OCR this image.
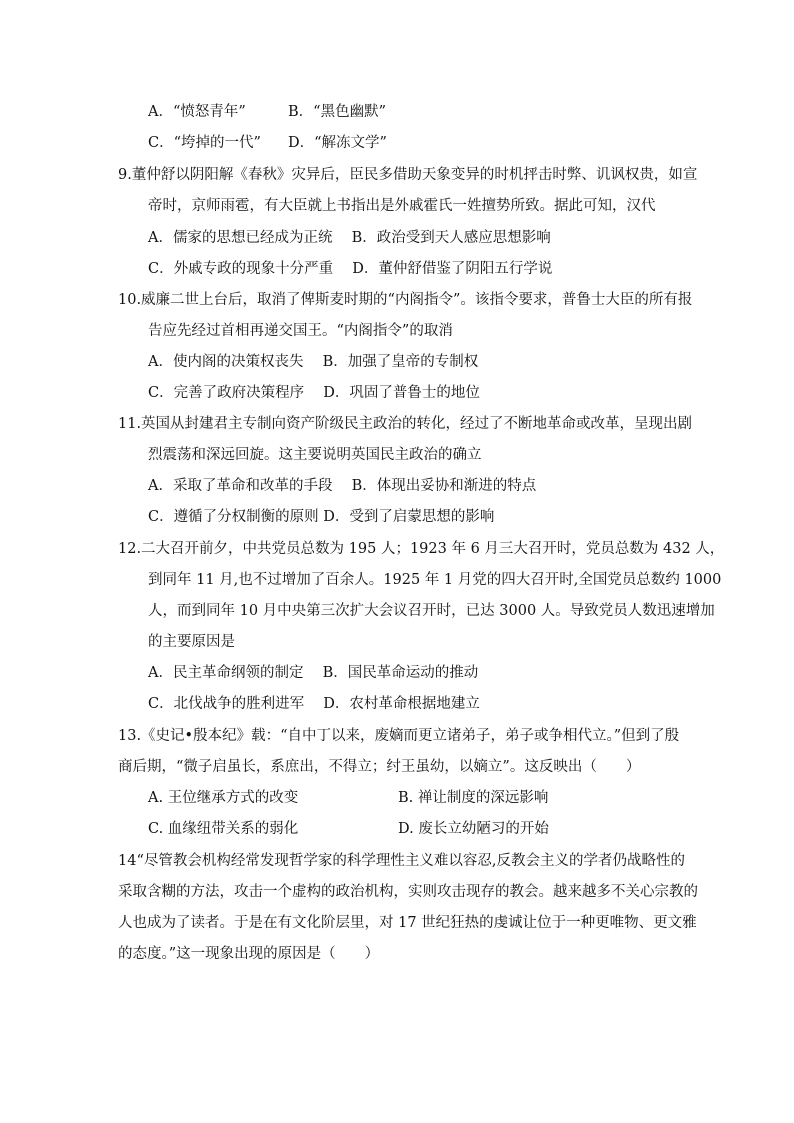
A．“愤怒青年”	B．“黑色幽默”
C．“垮掉的一代” D．“解冻文学”
9.董仲舒以阴阳解《春秋》灾异后，臣民多借助天象变异的时机抨击时弊、讥讽权贵，如宣
帝时，京师雨雹，有大臣就上书指出是外戚霍氏一姓擅势所致。据此可知，汉代
A．儒家的思想已经成为正统　 B．政治受到天人感应思想影响
C．外戚专政的现象十分严重　 D．董仲舒借鉴了阴阳五行学说
10.威廉二世上台后，取消了俾斯麦时期的“内阁指令”。该指令要求，普鲁士大臣的所有报
告应先经过首相再递交国王。“内阁指令”的取消
A．使内阁的决策权丧失　 B．加强了皇帝的专制权
C．完善了政府决策程序　 D．巩固了普鲁士的地位
11.英国从封建君主专制向资产阶级民主政治的转化，经过了不断地革命或改革，呈现出剧
烈震荡和深远回旋。这主要说明英国民主政治的确立
A．采取了革命和改革的手段　 B．体现出妥协和渐进的特点
C．遵循了分权制衡的原则 D．受到了启蒙思想的影响
12.二大召开前夕，中共党员总数为 195 人；1923 年 6 月三大召开时，党员总数为 432 人，
到同年 11 月,也不过增加了百余人。1925 年 1 月党的四大召开时,全国党员总数约 1000
人，而到同年 10 月中央第三次扩大会议召开时，已达 3000 人。导致党员人数迅速增加
的主要原因是
A．民主革命纲领的制定　 B．国民革命运动的推动
C．北伐战争的胜利进军　 D．农村革命根据地建立
13.《史记•殷本纪》载：“自中丁以来，废嫡而更立诸弟子，弟子或争相代立。”但到了殷
商后期，“微子启虽长，系庶出，不得立；纣王虽幼，以嫡立”。这反映出（　　）
A. 王位继承方式的改变	B. 禅让制度的深远影响
C. 血缘纽带关系的弱化	D. 废长立幼陋习的开始
14“尽管教会机构经常发现哲学家的科学理性主义难以容忍,反教会主义的学者仍战略性的
采取含糊的方法，攻击一个虚构的政治机构，实则攻击现存的教会。越来越多不关心宗教的
人也成为了读者。于是在有文化阶层里，对 17 世纪狂热的虔诚让位于一种更唯物、更文雅
的态度。”这一现象出现的原因是（　　）
